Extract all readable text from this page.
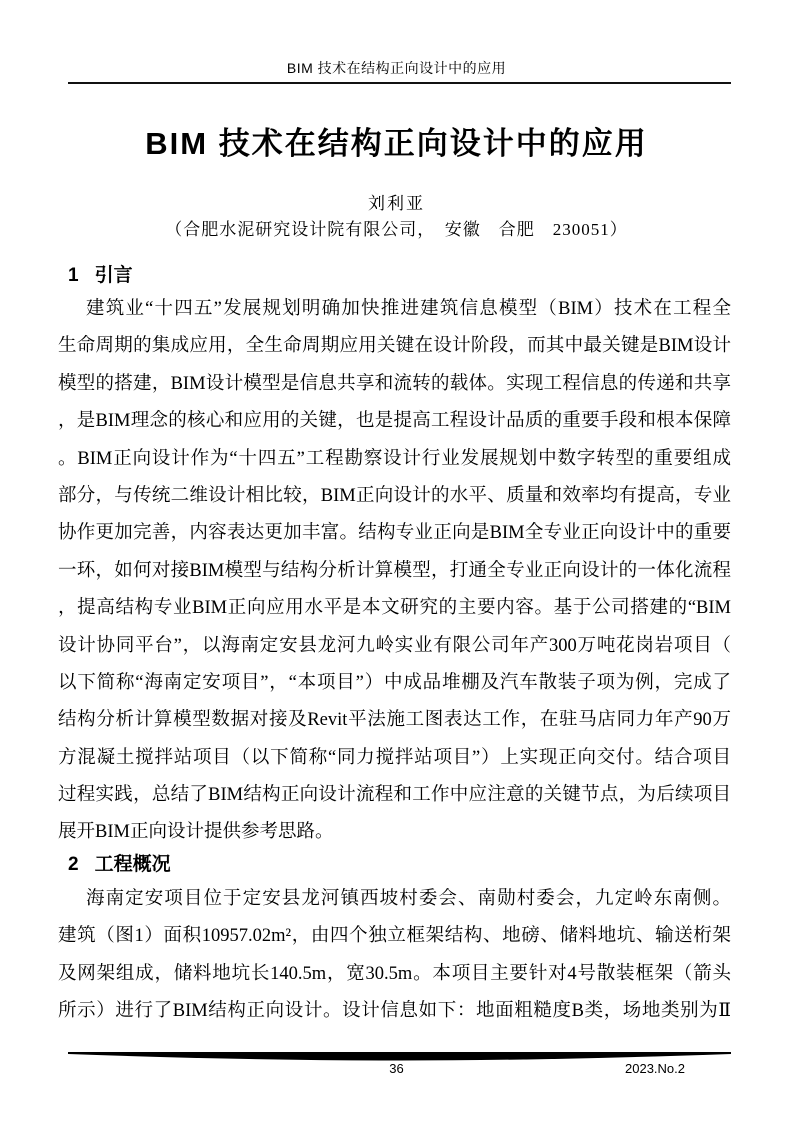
BIM 技术在结构正向设计中的应用
BIM 技术在结构正向设计中的应用
刘利亚
（合肥水泥研究设计院有限公司，　安徽　合肥　230051）
1 引言
建筑业“十四五”发展规划明确加快推进建筑信息模型（BIM）技术在工程全
生命周期的集成应用，全生命周期应用关键在设计阶段，而其中最关键是BIM设计
模型的搭建，BIM设计模型是信息共享和流转的载体。实现工程信息的传递和共享
，是BIM理念的核心和应用的关键，也是提高工程设计品质的重要手段和根本保障
。BIM正向设计作为“十四五”工程勘察设计行业发展规划中数字转型的重要组成
部分，与传统二维设计相比较，BIM正向设计的水平、质量和效率均有提高，专业
协作更加完善，内容表达更加丰富。结构专业正向是BIM全专业正向设计中的重要
一环，如何对接BIM模型与结构分析计算模型，打通全专业正向设计的一体化流程
，提高结构专业BIM正向应用水平是本文研究的主要内容。基于公司搭建的“BIM
设计协同平台”，以海南定安县龙河九岭实业有限公司年产300万吨花岗岩项目（
以下简称“海南定安项目”，“本项目”）中成品堆棚及汽车散装子项为例，完成了
结构分析计算模型数据对接及Revit平法施工图表达工作，在驻马店同力年产90万
方混凝土搅拌站项目（以下简称“同力搅拌站项目”）上实现正向交付。结合项目
过程实践，总结了BIM结构正向设计流程和工作中应注意的关键节点，为后续项目
展开BIM正向设计提供参考思路。
2 工程概况
海南定安项目位于定安县龙河镇西坡村委会、南勋村委会，九定岭东南侧。
建筑（图1）面积10957.02m²，由四个独立框架结构、地磅、储料地坑、输送桁架
及网架组成，储料地坑长140.5m，宽30.5m。本项目主要针对4号散装框架（箭头
所示）进行了BIM结构正向设计。设计信息如下：地面粗糙度B类，场地类别为Ⅱ
36	2023.No.2
